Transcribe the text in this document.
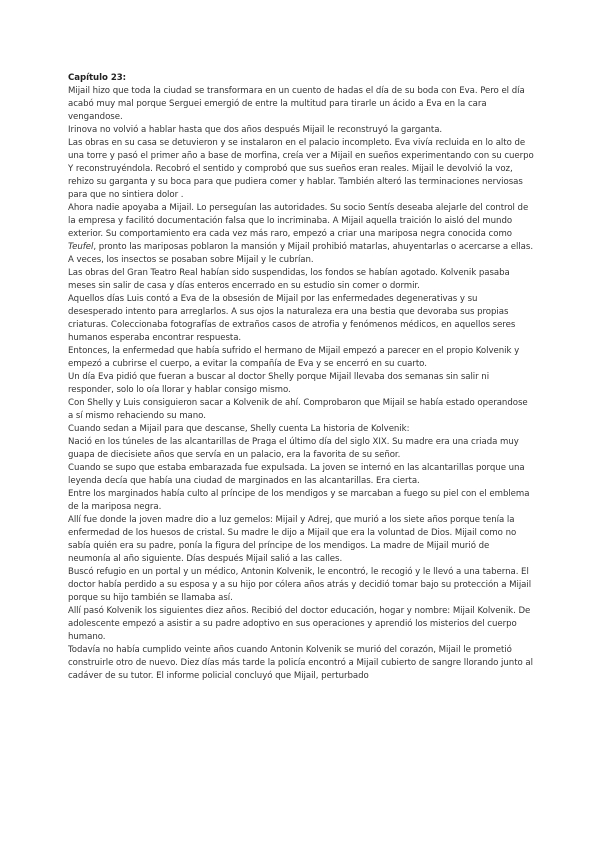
Capítulo 23:

Mijail hizo que toda la ciudad se transformara en un cuento de hadas el día de su boda con Eva. Pero el día acabó muy mal porque Serguei emergió de entre la multitud para tirarle un ácido a Eva en la cara vengandose.

Irinova no volvió a hablar hasta que dos años después Mijail le reconstruyó la garganta.

Las obras en su casa se detuvieron y se instalaron en el palacio incompleto. Eva vivía recluida en lo alto de una torre y pasó el primer año a base de morfina, creía ver a Mijail en sueños experimentando con su cuerpo Y reconstruyéndola. Recobró el sentido y comprobó que sus sueños eran reales. Mijail le devolvió la voz, rehizo su garganta y su boca para que pudiera comer y hablar. También alteró las terminaciones nerviosas para que no sintiera dolor .

Ahora nadie apoyaba a Mijail. Lo perseguían las autoridades. Su socio Sentís deseaba alejarle del control de la empresa y facilitó documentación falsa que lo incriminaba. A Mijail aquella traición lo aisló del mundo exterior. Su comportamiento era cada vez más raro, empezó a criar una mariposa negra conocida como Teufel, pronto las mariposas poblaron la mansión y Mijail prohibió matarlas, ahuyentarlas o acercarse a ellas. A veces, los insectos se posaban sobre Mijail y le cubrían.

Las obras del Gran Teatro Real habían sido suspendidas, los fondos se habían agotado. Kolvenik pasaba meses sin salir de casa y días enteros encerrado en su estudio sin comer o dormir.

Aquellos días Luis contó a Eva de la obsesión de Mijail por las enfermedades degenerativas y su desesperado intento para arreglarlos. A sus ojos la naturaleza era una bestia que devoraba sus propias criaturas. Coleccionaba fotografías de extraños casos de atrofia y fenómenos médicos, en aquellos seres humanos esperaba encontrar respuesta.

Entonces, la enfermedad que había sufrido el hermano de Mijail empezó a parecer en el propio Kolvenik y empezó a cubrirse el cuerpo, a evitar la compañía de Eva y se encerró en su cuarto.

Un día Eva pidió que fueran a buscar al doctor Shelly porque Mijail llevaba dos semanas sin salir ni responder, solo lo oía llorar y hablar consigo mismo.

Con Shelly y Luis consiguieron sacar a Kolvenik de ahí. Comprobaron que Mijail se había estado operandose a sí mismo rehaciendo su mano.

Cuando sedan a Mijail para que descanse, Shelly cuenta La historia de Kolvenik:

Nació en los túneles de las alcantarillas de Praga el último día del siglo XIX. Su madre era una criada muy guapa de diecisiete años que servía en un palacio, era la favorita de su señor.

Cuando se supo que estaba embarazada fue expulsada. La joven se internó en las alcantarillas porque una leyenda decía que había una ciudad de marginados en las alcantarillas. Era cierta.

Entre los marginados había culto al príncipe de los mendigos y se marcaban a fuego su piel con el emblema de la mariposa negra.

Allí fue donde la joven madre dio a luz gemelos: Mijail y Adrej, que murió a los siete años porque tenía la enfermedad de los huesos de cristal. Su madre le dijo a Mijail que era la voluntad de Dios. Mijail como no sabía quién era su padre, ponía la figura del príncipe de los mendigos. La madre de Mijail murió de neumonía al año siguiente. Días después Mijail salió a las calles.

Buscó refugio en un portal y un médico, Antonin Kolvenik, le encontró, le recogió y le llevó a una taberna. El doctor había perdido a su esposa y a su hijo por cólera años atrás y decidió tomar bajo su protección a Mijail porque su hijo también se llamaba así.

Allí pasó Kolvenik los siguientes diez años. Recibió del doctor educación, hogar y nombre: Mijail Kolvenik. De adolescente empezó a asistir a su padre adoptivo en sus operaciones y aprendió los misterios del cuerpo humano.

Todavía no había cumplido veinte años cuando Antonin Kolvenik se murió del corazón, Mijail le prometió construirle otro de nuevo. Diez días más tarde la policía encontró a Mijail cubierto de sangre llorando junto al cadáver de su tutor. El informe policial concluyó que Mijail, perturbado
